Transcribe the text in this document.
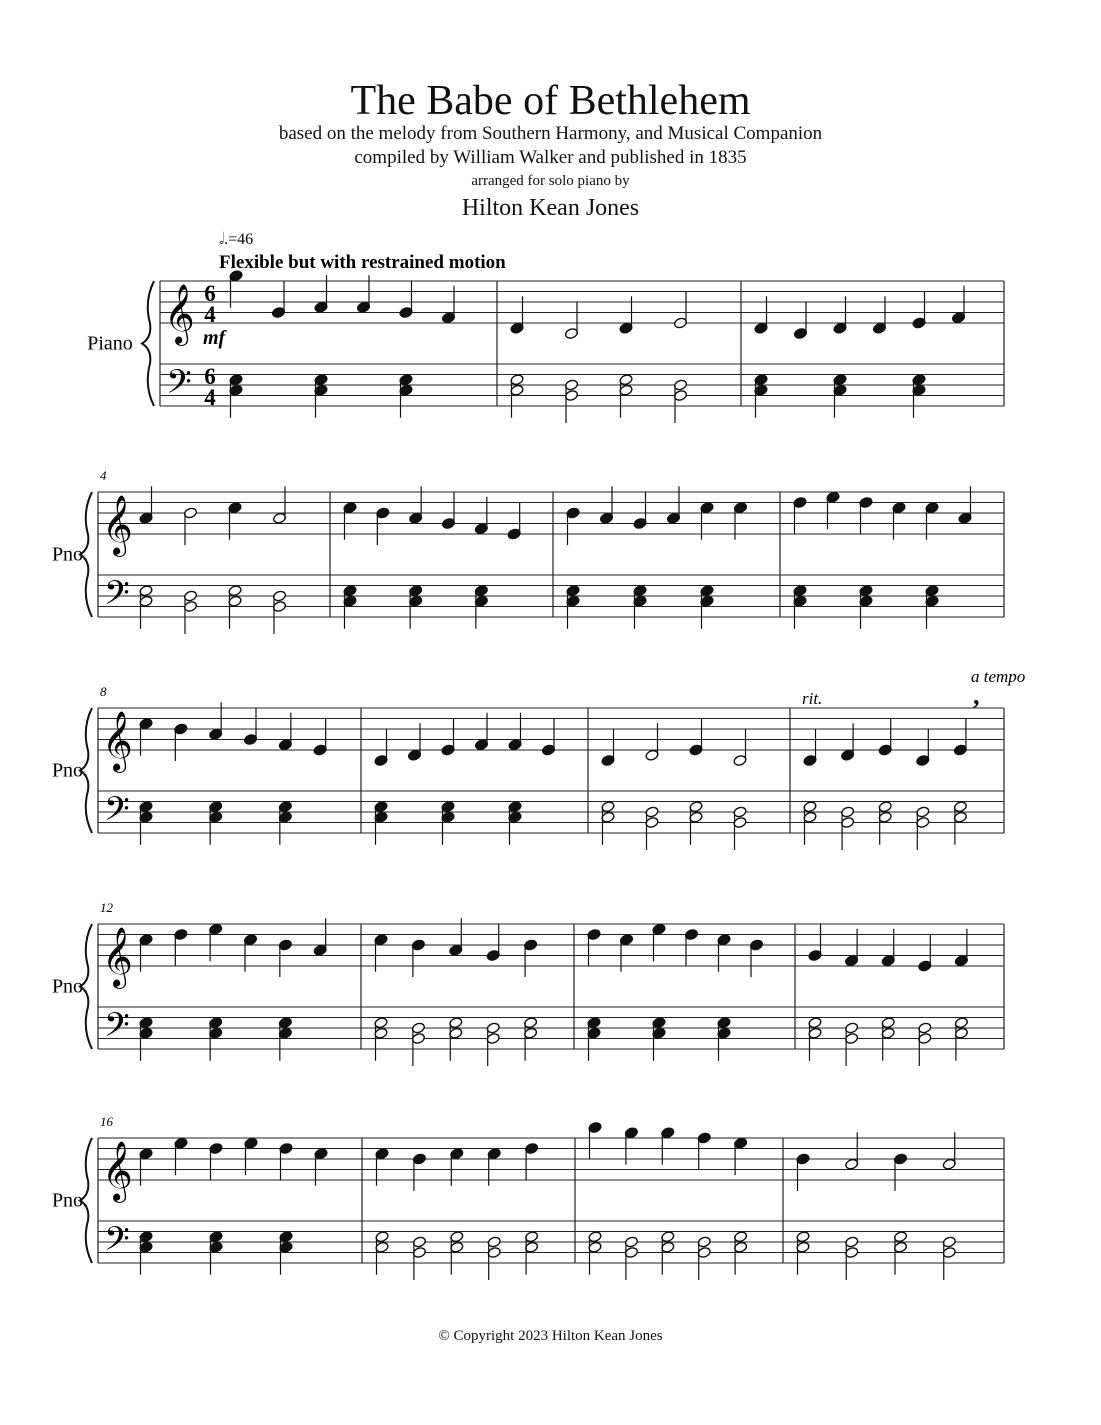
The Babe of Bethlehem
based on the melody from Southern Harmony, and Musical Companion
compiled by William Walker and published in 1835
arranged for solo piano by
Hilton Kean Jones
Piano 𝄞
𝄢
6
4
6
4
Pno.
4
𝄞
𝄢
Pno.
8
𝄞
𝄢
Pno.
12
𝄞
𝄢
Pno.
16
𝄞
𝄢
𝅗𝅥.=46
Flexible but with restrained motion
mf
rit.
a tempo
,
© Copyright 2023 Hilton Kean Jones
